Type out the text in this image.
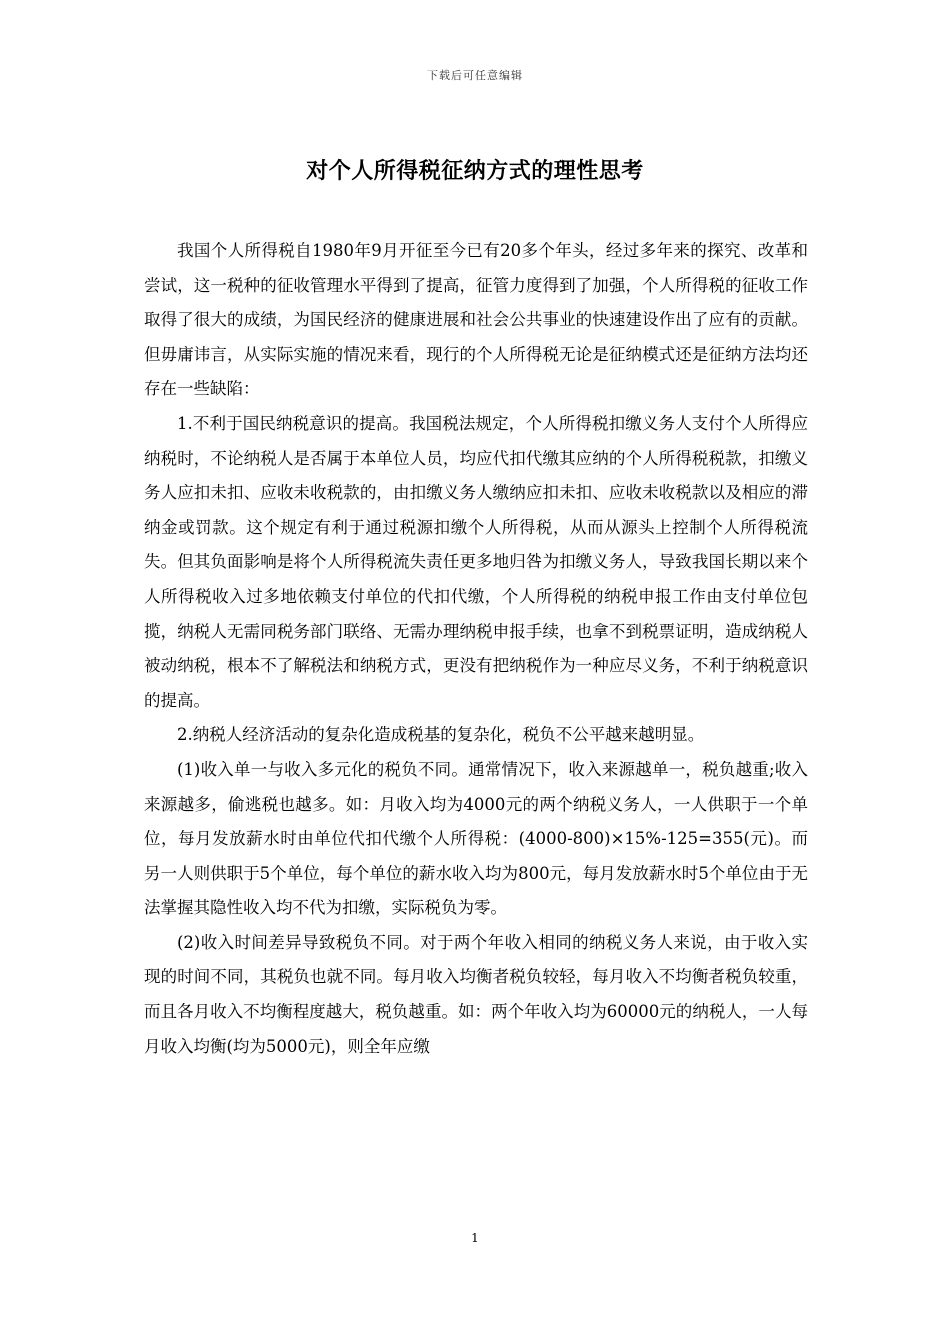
下载后可任意编辑
对个人所得税征纳方式的理性思考

我国个人所得税自1980年9月开征至今已有20多个年头，经过多年来的探究、改革和尝试，这一税种的征收管理水平得到了提高，征管力度得到了加强，个人所得税的征收工作取得了很大的成绩，为国民经济的健康进展和社会公共事业的快速建设作出了应有的贡献。但毋庸讳言，从实际实施的情况来看，现行的个人所得税无论是征纳模式还是征纳方法均还存在一些缺陷：

1.不利于国民纳税意识的提高。我国税法规定，个人所得税扣缴义务人支付个人所得应纳税时，不论纳税人是否属于本单位人员，均应代扣代缴其应纳的个人所得税税款，扣缴义务人应扣未扣、应收未收税款的，由扣缴义务人缴纳应扣未扣、应收未收税款以及相应的滞纳金或罚款。这个规定有利于通过税源扣缴个人所得税，从而从源头上控制个人所得税流失。但其负面影响是将个人所得税流失责任更多地归咎为扣缴义务人，导致我国长期以来个人所得税收入过多地依赖支付单位的代扣代缴，个人所得税的纳税申报工作由支付单位包揽，纳税人无需同税务部门联络、无需办理纳税申报手续，也拿不到税票证明，造成纳税人被动纳税，根本不了解税法和纳税方式，更没有把纳税作为一种应尽义务，不利于纳税意识的提高。

2.纳税人经济活动的复杂化造成税基的复杂化，税负不公平越来越明显。

(1)收入单一与收入多元化的税负不同。通常情况下，收入来源越单一，税负越重;收入来源越多，偷逃税也越多。如：月收入均为4000元的两个纳税义务人，一人供职于一个单位，每月发放薪水时由单位代扣代缴个人所得税：(4000-800)×15%-125=355(元)。而另一人则供职于5个单位，每个单位的薪水收入均为800元，每月发放薪水时5个单位由于无法掌握其隐性收入均不代为扣缴，实际税负为零。

(2)收入时间差异导致税负不同。对于两个年收入相同的纳税义务人来说，由于收入实现的时间不同，其税负也就不同。每月收入均衡者税负较轻，每月收入不均衡者税负较重，而且各月收入不均衡程度越大，税负越重。如：两个年收入均为60000元的纳税人，一人每月收入均衡(均为5000元)，则全年应缴

1
